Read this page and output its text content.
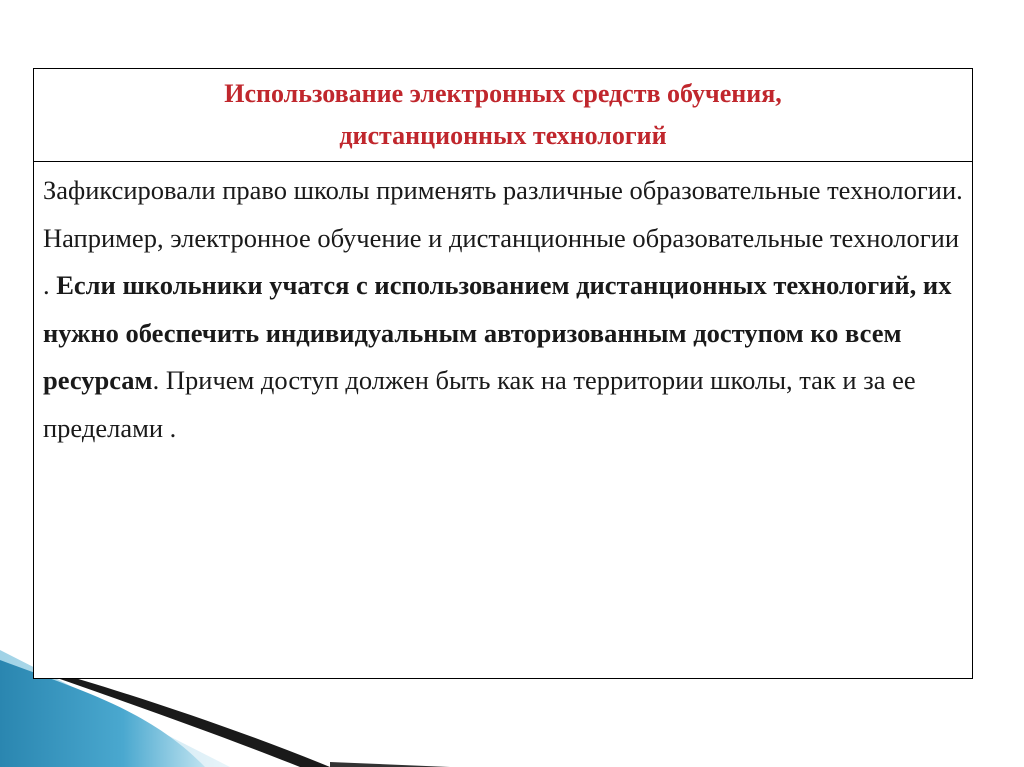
Использование электронных средств обучения,
дистанционных технологий

Зафиксировали право школы применять различные образовательные технологии. Например, электронное обучение и дистанционные образовательные технологии . Если школьники учатся с использованием дистанционных технологий, их нужно обеспечить индивидуальным авторизованным доступом ко всем ресурсам. Причем доступ должен быть как на территории школы, так и за ее пределами .
